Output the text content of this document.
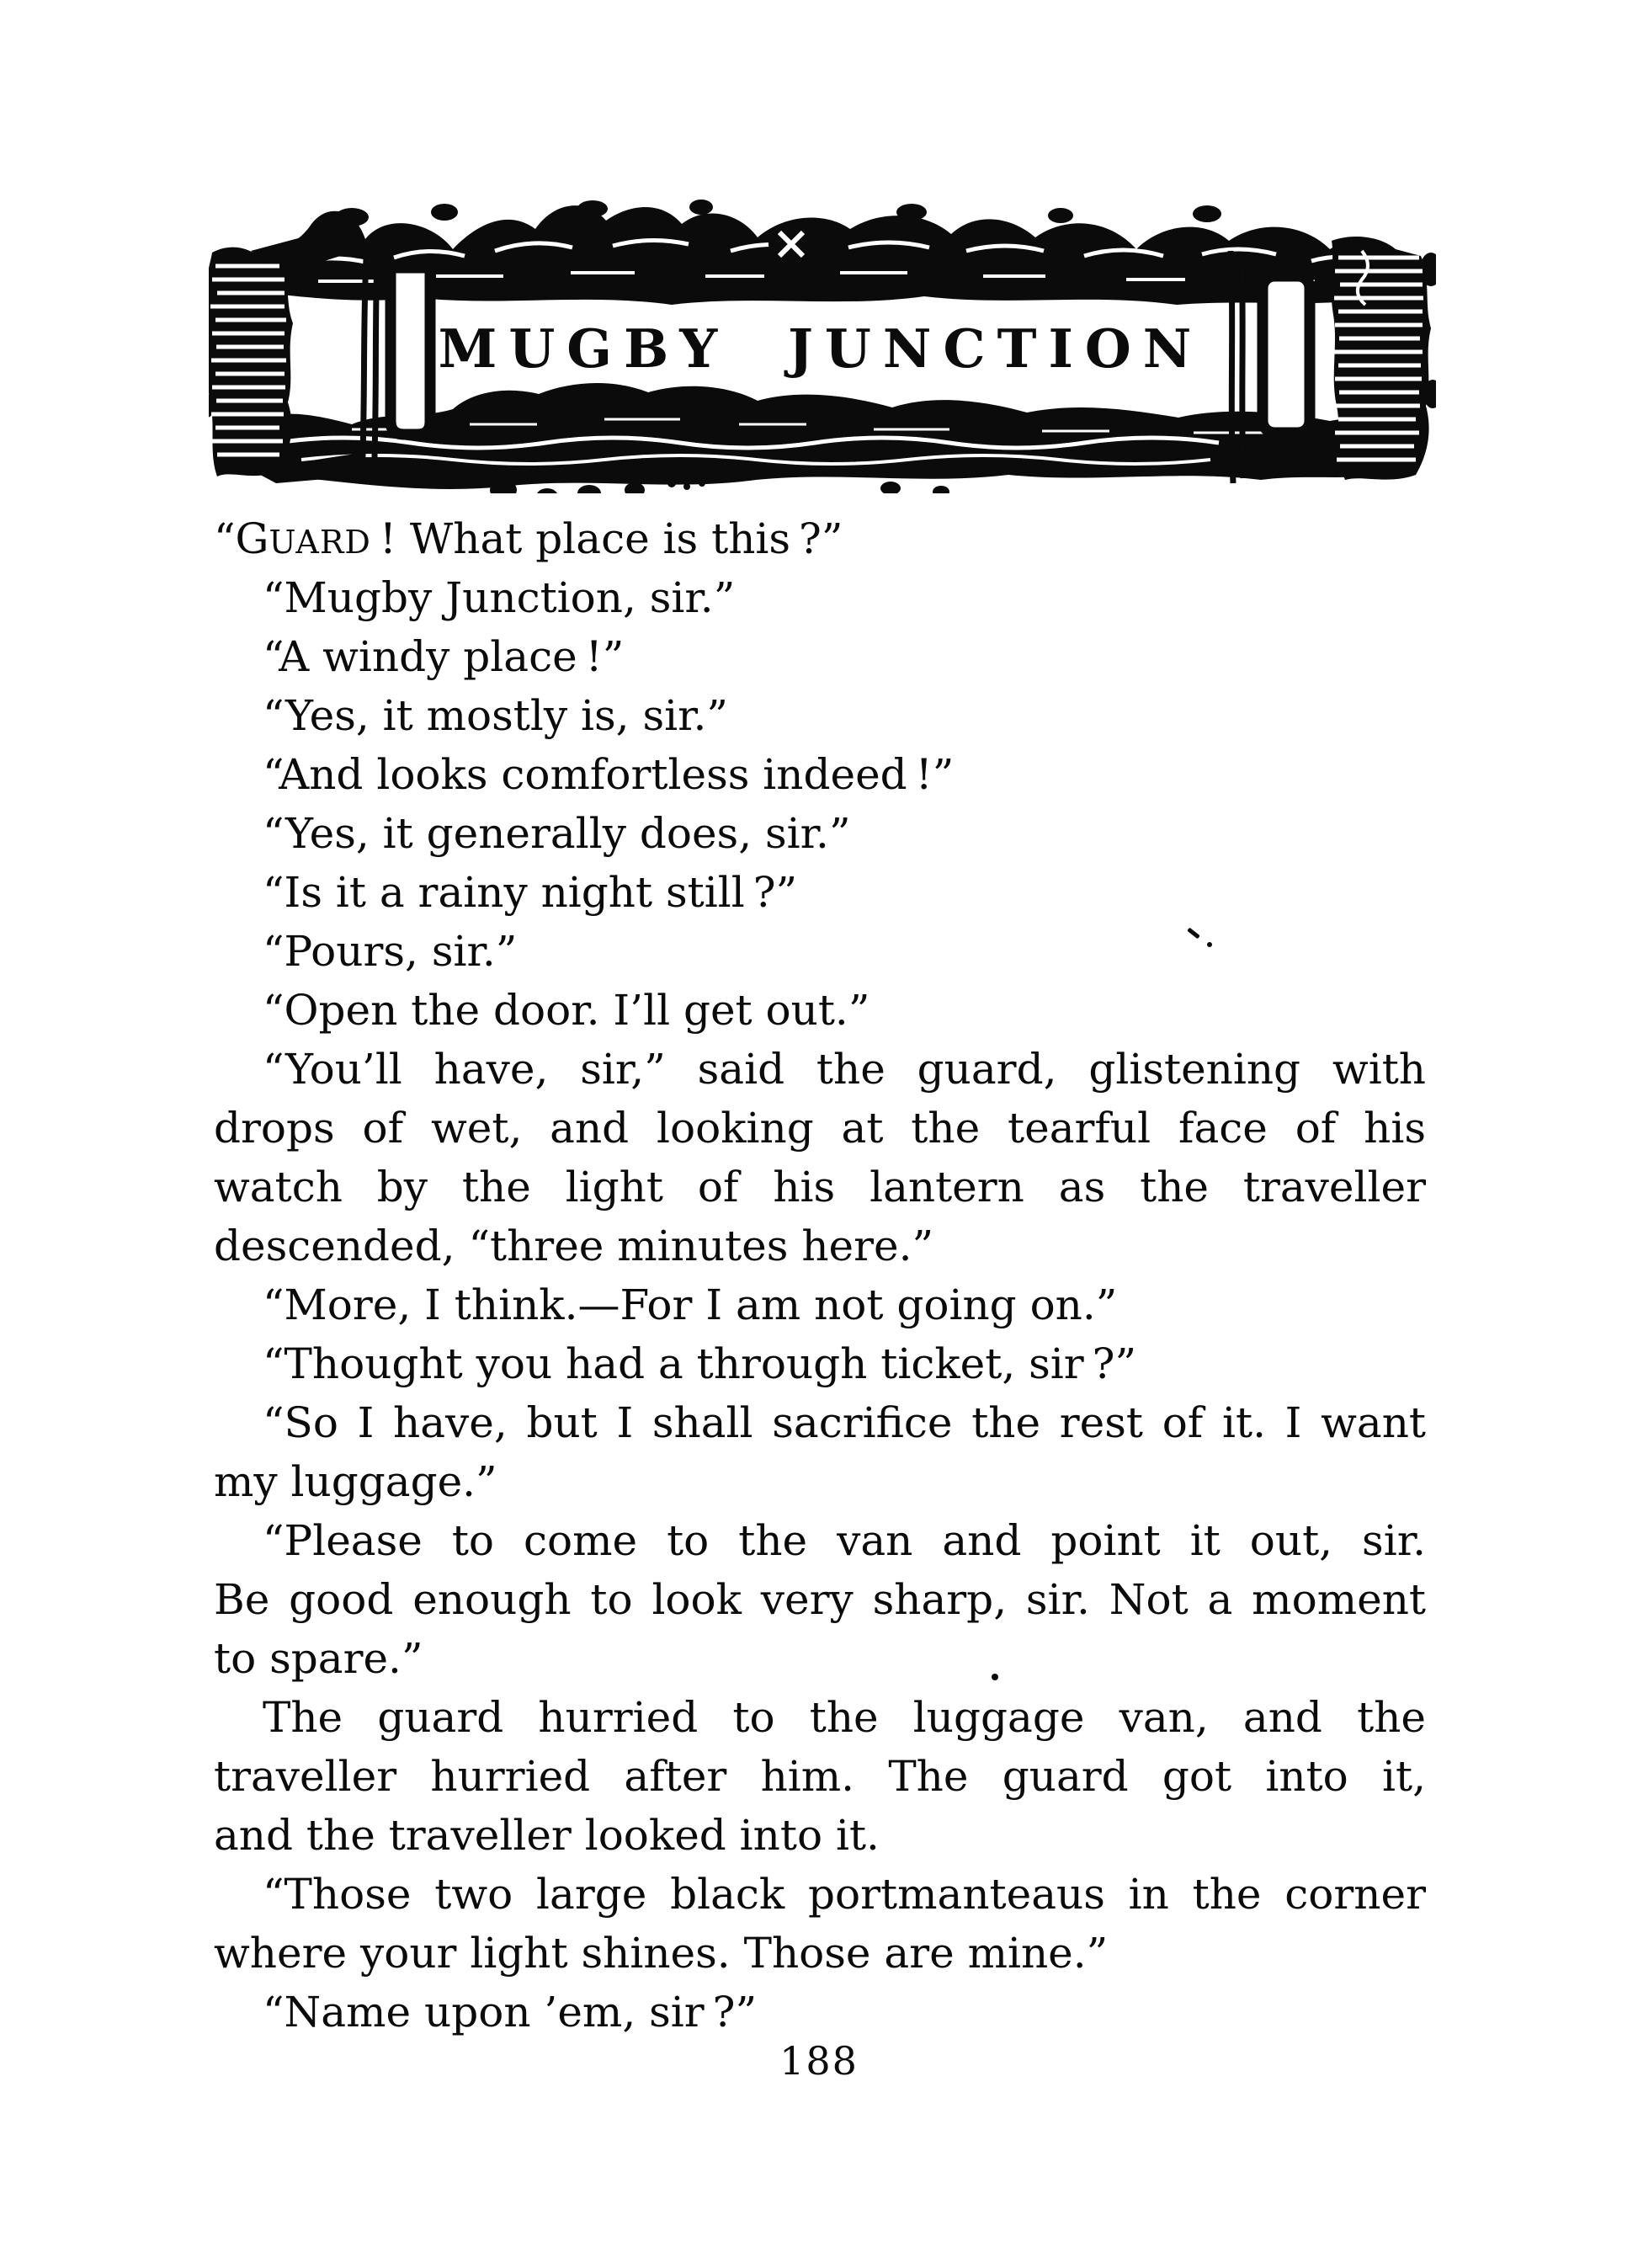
MUGBY JUNCTION
“GUARD ! What place is this ?”
“Mugby Junction, sir.”
“A windy place !”
“Yes, it mostly is, sir.”
“And looks comfortless indeed !”
“Yes, it generally does, sir.”
“Is it a rainy night still ?”
“Pours, sir.”
“Open the door. I’ll get out.”
“You’ll have, sir,” said the guard, glistening with
drops of wet, and looking at the tearful face of his
watch by the light of his lantern as the traveller
descended, “three minutes here.”
“More, I think.—For I am not going on.”
“Thought you had a through ticket, sir ?”
“So I have, but I shall sacrifice the rest of it. I want
my luggage.”
“Please to come to the van and point it out, sir.
Be good enough to look very sharp, sir. Not a moment
to spare.”
The guard hurried to the luggage van, and the
traveller hurried after him. The guard got into it,
and the traveller looked into it.
“Those two large black portmanteaus in the corner
where your light shines. Those are mine.”
“Name upon ’em, sir ?”
188
